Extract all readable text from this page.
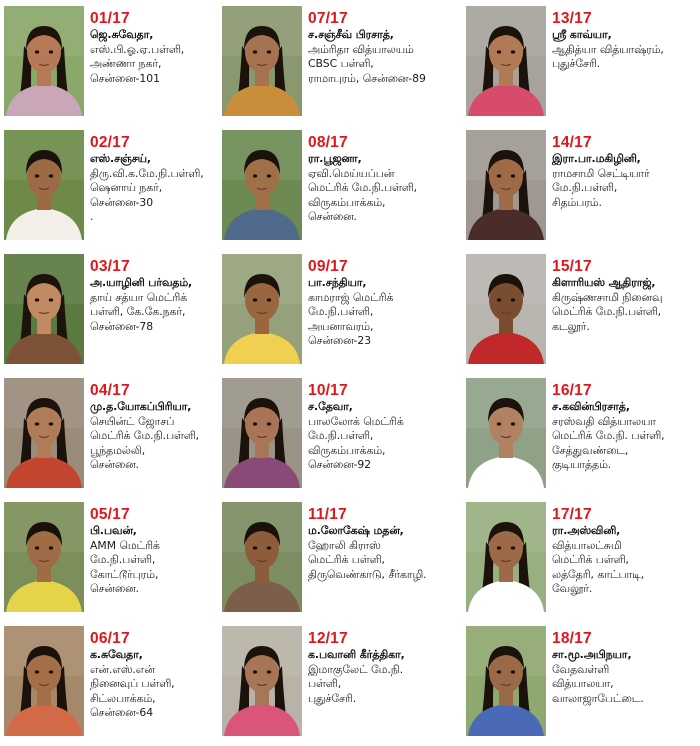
01/17
ஜெ.சுவேதா,
எஸ்.பி.ஓ.ஏ.பள்ளி,
அண்ணா நகர்,
சென்னை-101
02/17
எஸ்.சஞ்சய்,
திரு.வி.க.மே.நி.பள்ளி,
ஷெனாய் நகர்,
சென்னை-30
.
03/17
அ.யாழினி பர்வதம்,
தாய் சத்யா மெட்ரிக்
பள்ளி, கே.கே.நகர்,
சென்னை-78
04/17
மு.த.யோகப்பிரியா,
செயின்ட் ஜோசப்
மெட்ரிக் மே.நி.பள்ளி,
பூந்தமல்லி,
சென்னை.
05/17
பி.பவன்,
AMM மெட்ரிக்
மே.நி.பள்ளி,
கோட்டூர்புரம்,
சென்னை.
06/17
க.சுவேதா,
என்.எஸ்.என்
நினைவுப் பள்ளி,
சிட்லபாக்கம்,
சென்னை-64
07/17
ச.சஞ்சீவ் பிரசாத்,
அம்ரிதா வித்யாலயம்
CBSC பள்ளி,
ராமாபுரம், சென்னை-89
08/17
ரா.பூஜனா,
ஏவி.மெய்யப்பன்
மெட்ரிக் மே.நி.பள்ளி,
விருகம்பாக்கம்,
சென்னை.
09/17
பா.சந்தியா,
காமராஜ் மெட்ரிக்
மே.நி.பள்ளி,
அயனாவரம்,
சென்னை-23
10/17
ச.தேவா,
பாலலோக் மெட்ரிக்
மே.நி.பள்ளி,
விருகம்பாக்கம்,
சென்னை-92
11/17
ம.லோகேஷ் மதன்,
ஹோலி கிராஸ்
மெட்ரிக் பள்ளி,
திருவெண்காடு, சீர்காழி.
12/17
க.பவானி கீர்த்திகா,
இமாகுலேட் மே.நி.
பள்ளி,
புதுச்சேரி.
13/17
ஸ்ரீ காவ்யா,
ஆதித்யா வித்யாஷ்ரம்,
புதுச்சேரி.
14/17
இரா.பா.மகிழினி,
ராமசாமி செட்டியார்
மே.நி.பள்ளி,
சிதம்பரம்.
15/17
கிளாரியஸ் ஆதிராஜ்,
கிருஷ்ணசாமி நினைவு
மெட்ரிக் மே.நி.பள்ளி,
கடலூர்.
16/17
ச.கவின்பிரசாத்,
சரஸ்வதி வித்யாலயா
மெட்ரிக் மே.நி. பள்ளி,
சேத்துவண்டை,
குடியாத்தம்.
17/17
ரா.அஸ்வினி,
வித்யாலட்சுமி
மெட்ரிக் பள்ளி,
லத்தேரி, காட்பாடி,
வேலூர்.
18/17
சா.மூ.அபிநயா,
வேதவள்ளி
வித்யாலயா,
வாலாஜாபேட்டை.
